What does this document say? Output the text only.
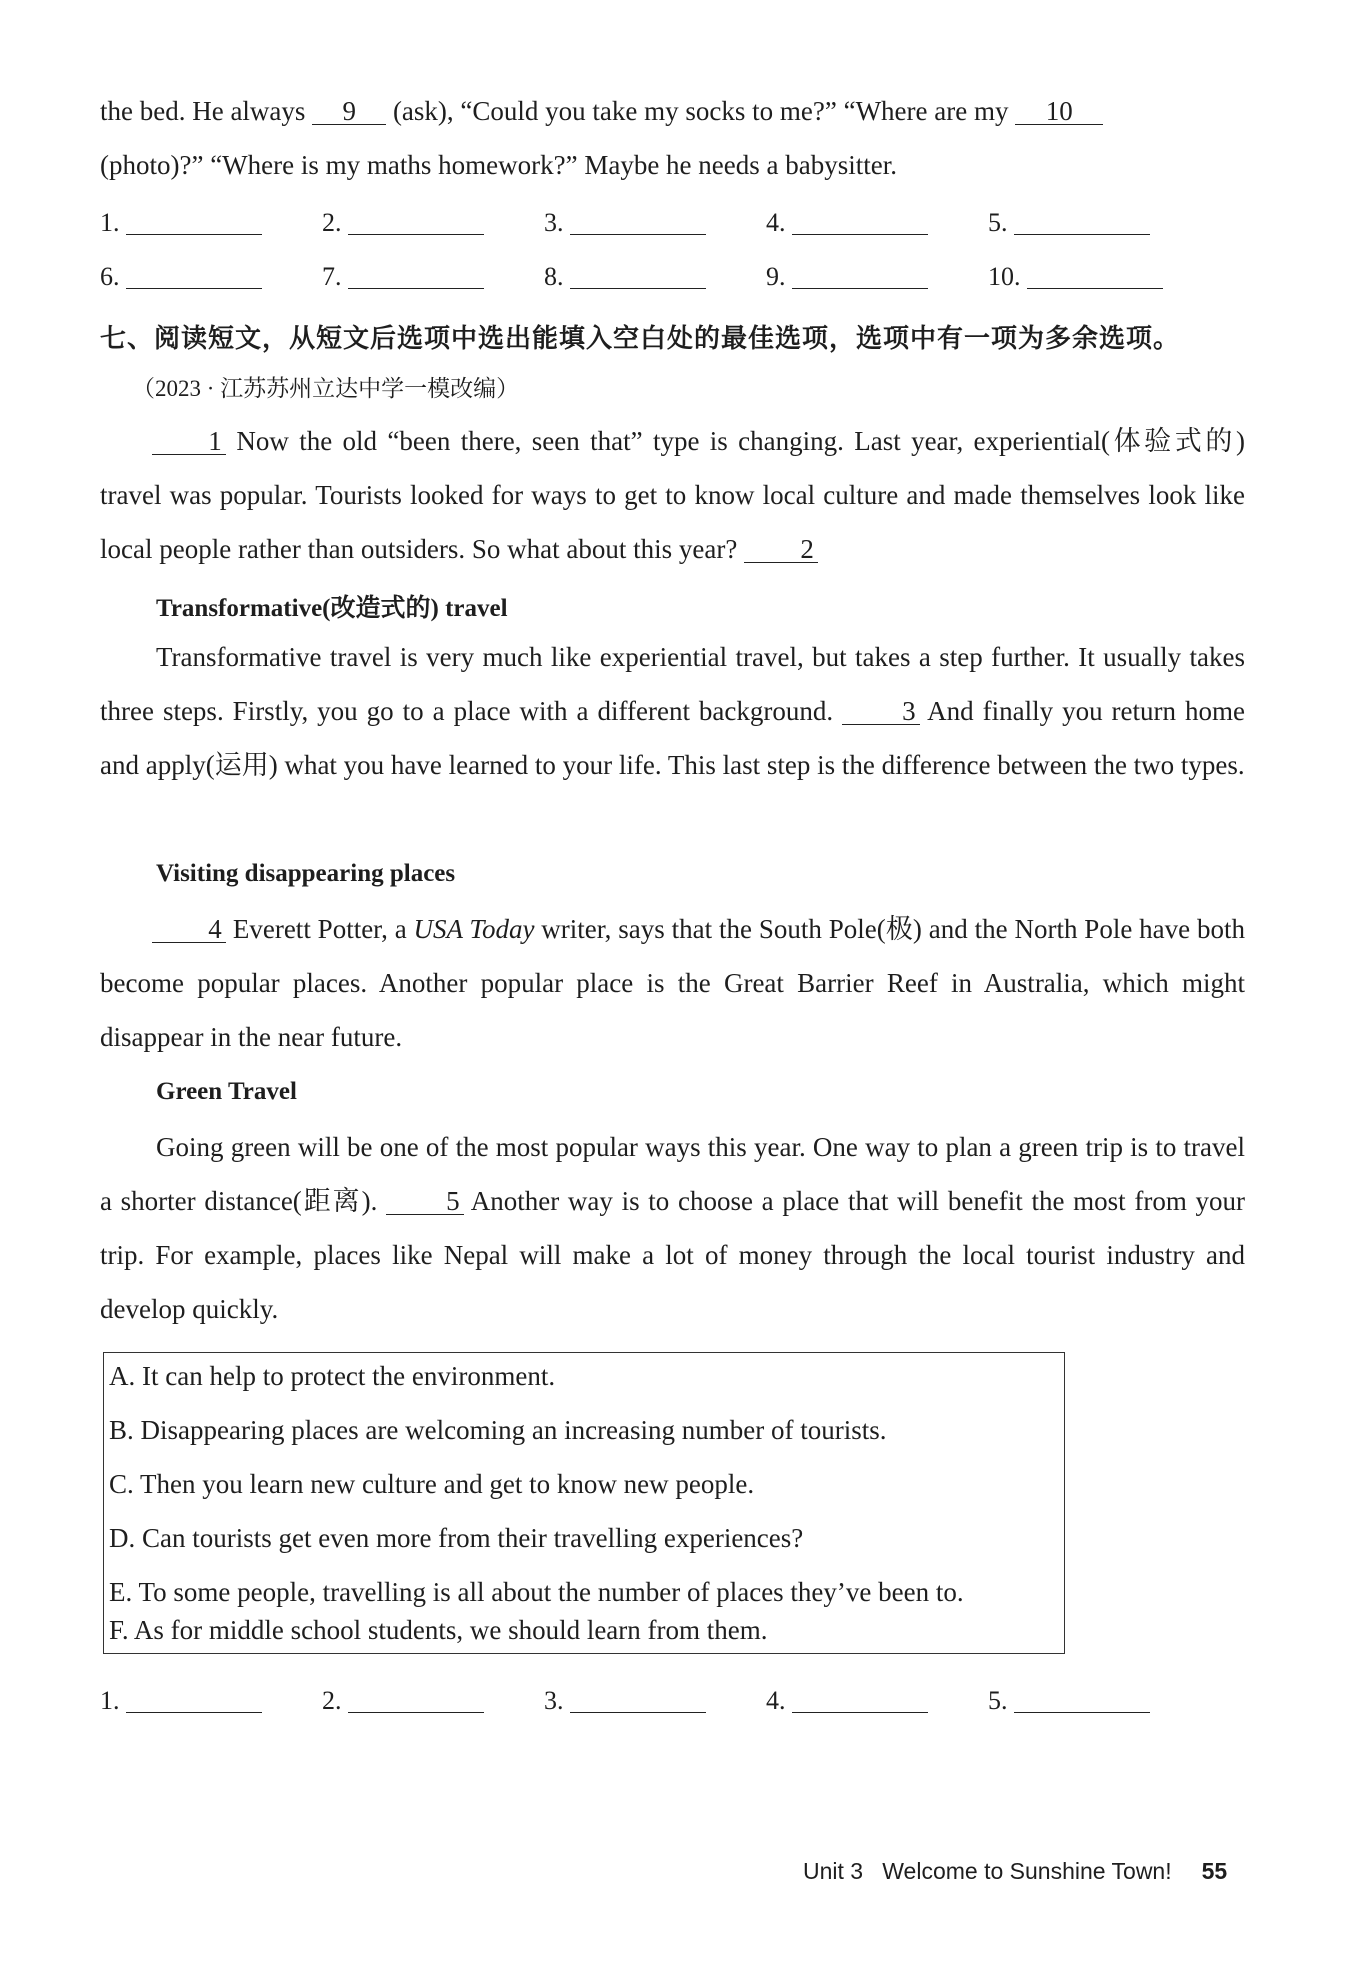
the bed. He always 9 (ask), “Could you take my socks to me?” “Where are my 10
(photo)?” “Where is my maths homework?” Maybe he needs a babysitter.
1.	2.	3.	4.	5.
6.	7.	8.	9.	10.
七、阅读短文，从短文后选项中选出能填入空白处的最佳选项，选项中有一项为多余选项。
（2023 · 江苏苏州立达中学一模改编）
1 Now the old “been there, seen that” type is changing. Last year, experiential(体验式的) travel was popular. Tourists looked for ways to get to know local culture and made themselves look like local people rather than outsiders. So what about this year? 2
Transformative(改造式的) travel
Transformative travel is very much like experiential travel, but takes a step further. It usually takes three steps. Firstly, you go to a place with a different background.	3 And finally you return home and apply(运用) what you have learned to your life. This last step is the difference between the two types.
Visiting disappearing places
4 Everett Potter, a USA Today writer, says that the South Pole(极) and the North Pole have both become popular places. Another popular place is the Great Barrier Reef in Australia, which might disappear in the near future.
Green Travel
Going green will be one of the most popular ways this year. One way to plan a green trip is to travel a shorter distance(距离).	5 Another way is to choose a place that will benefit the most from your trip. For example, places like Nepal will make a lot of money through the local tourist industry and develop quickly.
A. It can help to protect the environment.
B. Disappearing places are welcoming an increasing number of tourists.
C. Then you learn new culture and get to know new people.
D. Can tourists get even more from their travelling experiences?
E. To some people, travelling is all about the number of places they’ve been to.
F. As for middle school students, we should learn from them.
1.	2.	3.	4.	5.
Unit 3   Welcome to Sunshine Town! 55
